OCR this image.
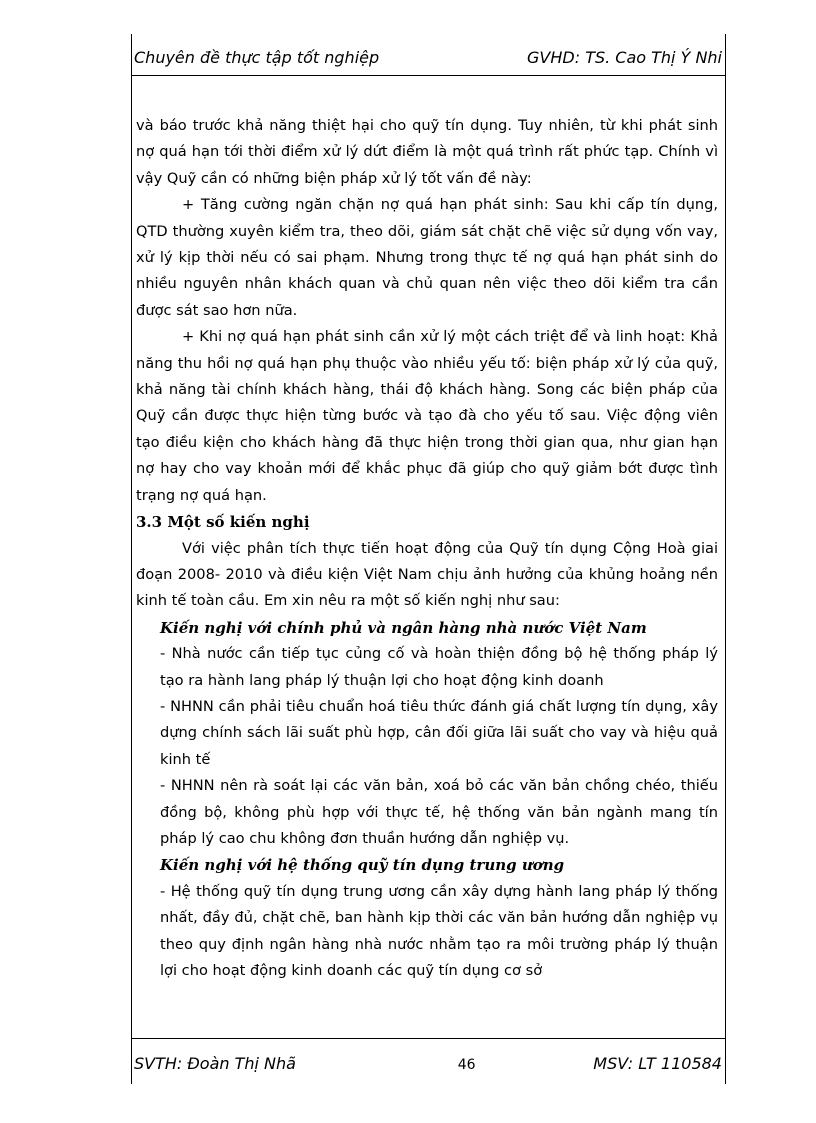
Chuyên đề thực tập tốt nghiệp	GVHD: TS. Cao Thị Ý Nhi

và báo trước khả năng thiệt hại cho quỹ tín dụng. Tuy nhiên, từ khi phát sinh nợ quá hạn tới thời điểm xử lý dứt điểm là một quá trình rất phức tạp. Chính vì vậy Quỹ cần có những biện pháp xử lý tốt vấn đề này:

+ Tăng cường ngăn chặn nợ quá hạn phát sinh: Sau khi cấp tín dụng, QTD thường xuyên kiểm tra, theo dõi, giám sát chặt chẽ việc sử dụng vốn vay, xử lý kịp thời nếu có sai phạm. Nhưng trong thực tế nợ quá hạn phát sinh do nhiều nguyên nhân khách quan và chủ quan nên việc theo dõi kiểm tra cần được sát sao hơn nữa.

+ Khi nợ quá hạn phát sinh cần xử lý một cách triệt để và linh hoạt: Khả năng thu hồi nợ quá hạn phụ thuộc vào nhiều yếu tố: biện pháp xử lý của quỹ, khả năng tài chính khách hàng, thái độ khách hàng. Song các biện pháp của Quỹ cần được thực hiện từng bước và tạo đà cho yếu tố sau. Việc động viên tạo điều kiện cho khách hàng đã thực hiện trong thời gian qua, như gian hạn nợ hay cho vay khoản mới để khắc phục đã giúp cho quỹ giảm bớt được tình trạng nợ quá hạn.

3.3 Một số kiến nghị

Với việc phân tích thực tiến hoạt động của Quỹ tín dụng Cộng Hoà giai đoạn 2008- 2010 và điều kiện Việt Nam chịu ảnh hưởng của khủng hoảng nền kinh tế toàn cầu. Em xin nêu ra một số kiến nghị như sau:

Kiến nghị với chính phủ và ngân hàng nhà nước Việt Nam

- Nhà nước cần tiếp tục củng cố và hoàn thiện đồng bộ hệ thống pháp lý tạo ra hành lang pháp lý thuận lợi cho hoạt động kinh doanh

- NHNN cần phải tiêu chuẩn hoá tiêu thức đánh giá chất lượng tín dụng, xây dựng chính sách lãi suất phù hợp, cân đối giữa lãi suất cho vay và hiệu quả kinh tế

- NHNN nên rà soát lại các văn bản, xoá bỏ các văn bản chồng chéo, thiếu đồng bộ, không phù hợp với thực tế, hệ thống văn bản ngành mang tín pháp lý cao chu không đơn thuần hướng dẫn nghiệp vụ.

Kiến nghị với hệ thống quỹ tín dụng trung ương

- Hệ thống quỹ tín dụng trung ương cần xây dựng hành lang pháp lý thống nhất, đầy đủ, chặt chẽ, ban hành kịp thời các văn bản hướng dẫn nghiệp vụ theo quy định ngân hàng nhà nước nhằm tạo ra môi trường pháp lý thuận lợi cho hoạt động kinh doanh các quỹ tín dụng cơ sở

SVTH: Đoàn Thị Nhã	46	MSV: LT 110584
